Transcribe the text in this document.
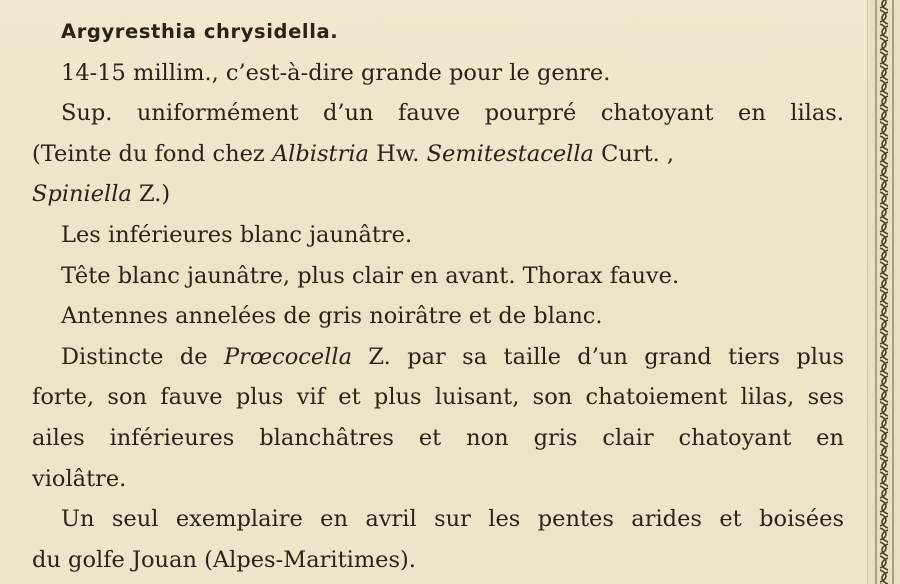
Argyresthia chrysidella.
14-15 millim., c’est-à-dire grande pour le genre.
Sup. uniformément d’un fauve pourpré chatoyant en lilas.
(Teinte du fond chez Albistria Hw. Semitestacella Curt. ,
Spiniella Z.)
Les inférieures blanc jaunâtre.
Tête blanc jaunâtre, plus clair en avant. Thorax fauve.
Antennes annelées de gris noirâtre et de blanc.
Distincte de Prœcocella Z. par sa taille d’un grand tiers plus
forte, son fauve plus vif et plus luisant, son chatoiement lilas, ses
ailes inférieures blanchâtres et non gris clair chatoyant en
violâtre.
Un seul exemplaire en avril sur les pentes arides et boisées
du golfe Jouan (Alpes-Maritimes).
